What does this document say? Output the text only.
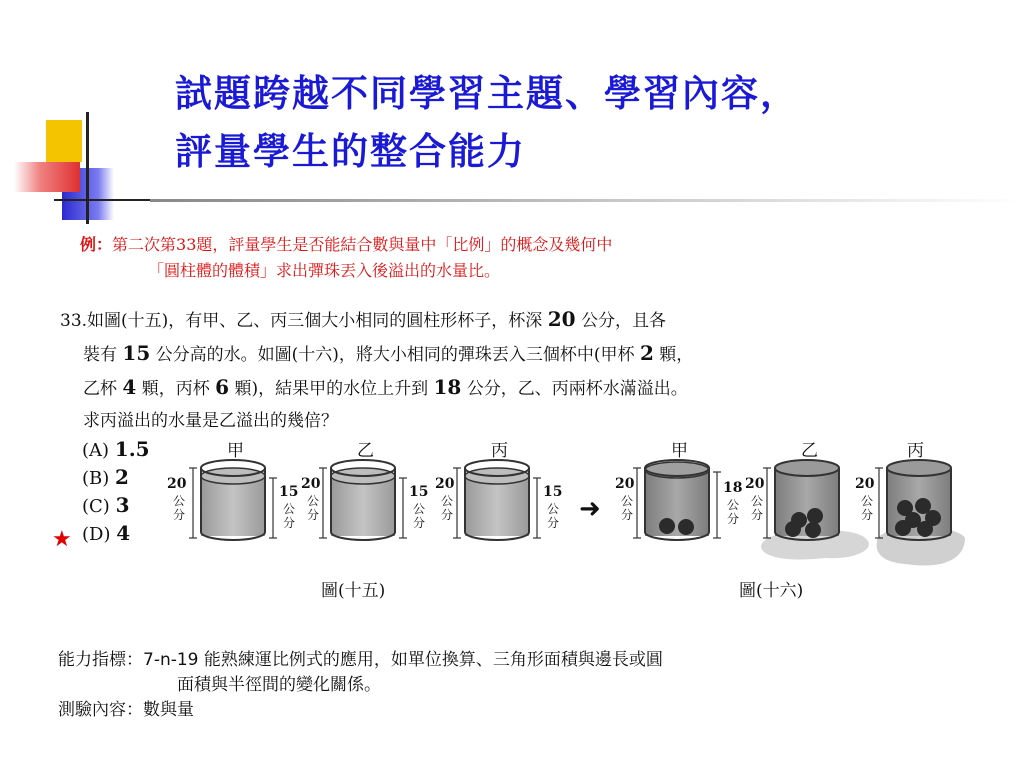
試題跨越不同學習主題、學習內容，
評量學生的整合能力
例：第二次第33題，評量學生是否能結合數與量中「比例」的概念及幾何中
「圓柱體的體積」求出彈珠丟入後溢出的水量比。
33.如圖(十五)，有甲、乙、丙三個大小相同的圓柱形杯子，杯深 20 公分，且各
裝有 15 公分高的水。如圖(十六)，將大小相同的彈珠丟入三個杯中(甲杯 2 顆，
乙杯 4 顆，丙杯 6 顆)，結果甲的水位上升到 18 公分，乙、丙兩杯水滿溢出。
求丙溢出的水量是乙溢出的幾倍？
(A) 1.5
(B) 2
(C) 3
(D) 4
★
甲	乙	丙	甲	乙	丙
20
公分
15
公分
20
公分
15
公分
20
公分
15
公分 ➜
20
公分
18
公分
20
公分
20
公分
圖(十五)	圖(十六)
能力指標：7-n-19 能熟練運比例式的應用，如單位換算、三角形面積與邊長或圓
面積與半徑間的變化關係。
測驗內容：數與量
